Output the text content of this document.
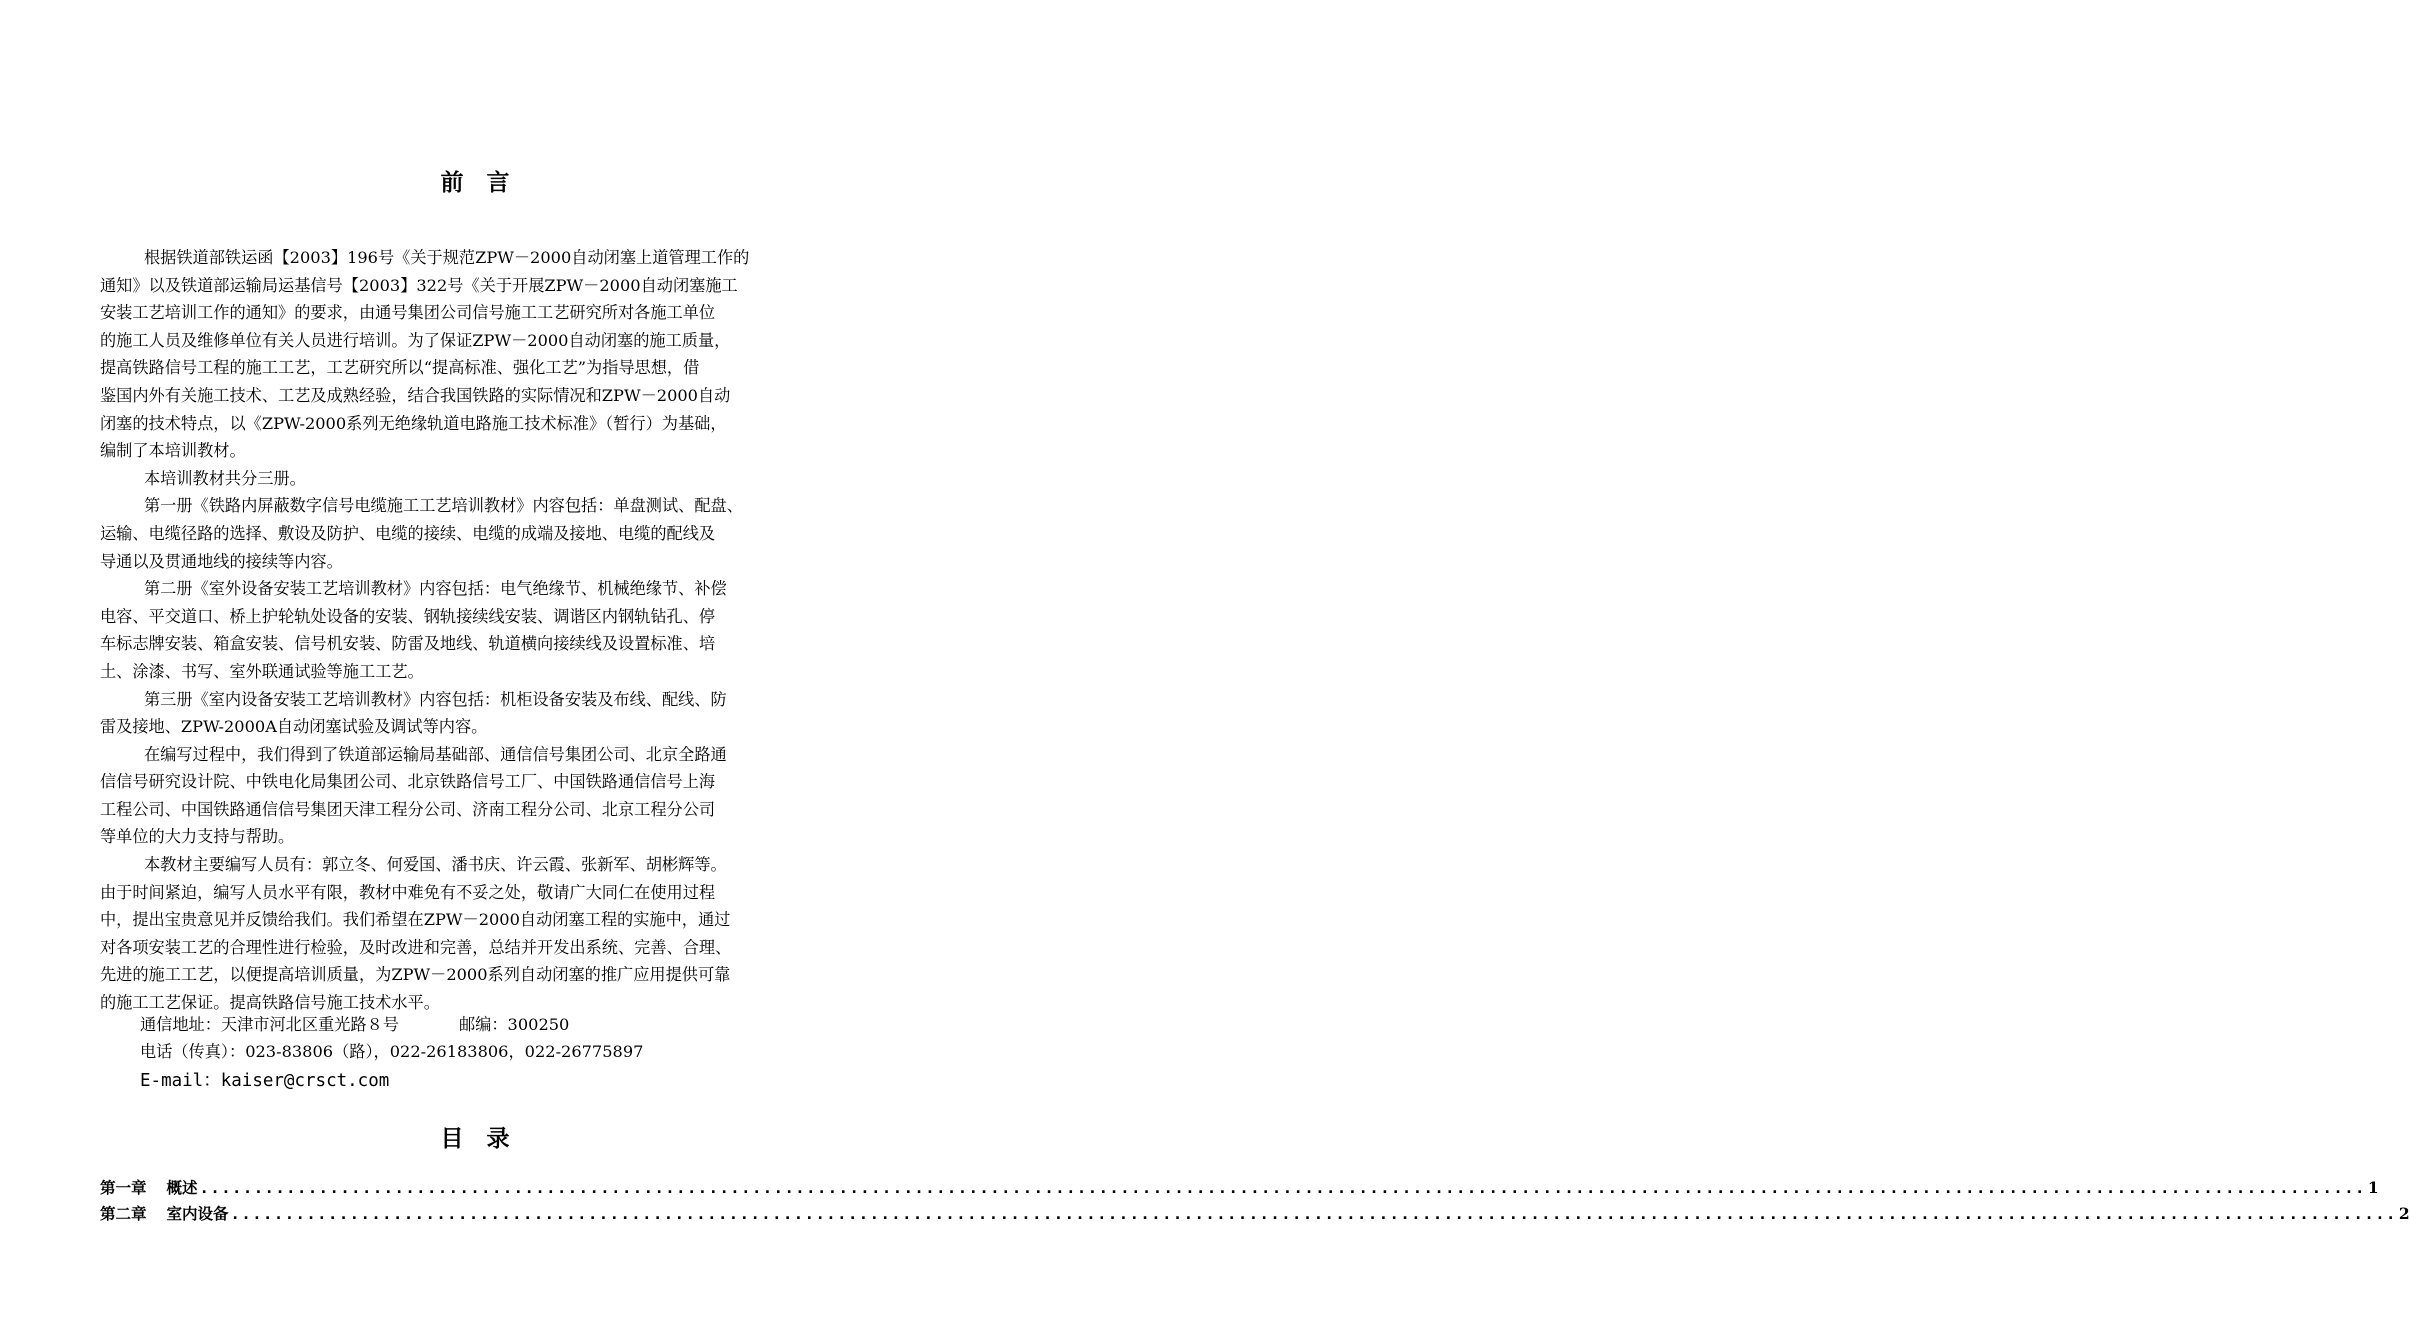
前　言
根据铁道部铁运函【2003】196号《关于规范ZPW－2000自动闭塞上道管理工作的
通知》以及铁道部运输局运基信号【2003】322号《关于开展ZPW－2000自动闭塞施工
安装工艺培训工作的通知》的要求，由通号集团公司信号施工工艺研究所对各施工单位
的施工人员及维修单位有关人员进行培训。为了保证ZPW－2000自动闭塞的施工质量，
提高铁路信号工程的施工工艺，工艺研究所以“提高标准、强化工艺”为指导思想，借
鉴国内外有关施工技术、工艺及成熟经验，结合我国铁路的实际情况和ZPW－2000自动
闭塞的技术特点，以《ZPW-2000系列无绝缘轨道电路施工技术标准》（暂行）为基础，
编制了本培训教材。
本培训教材共分三册。
第一册《铁路内屏蔽数字信号电缆施工工艺培训教材》内容包括：单盘测试、配盘、
运输、电缆径路的选择、敷设及防护、电缆的接续、电缆的成端及接地、电缆的配线及
导通以及贯通地线的接续等内容。
第二册《室外设备安装工艺培训教材》内容包括：电气绝缘节、机械绝缘节、补偿
电容、平交道口、桥上护轮轨处设备的安装、钢轨接续线安装、调谐区内钢轨钻孔、停
车标志牌安装、箱盒安装、信号机安装、防雷及地线、轨道横向接续线及设置标准、培
土、涂漆、书写、室外联通试验等施工工艺。
第三册《室内设备安装工艺培训教材》内容包括：机柜设备安装及布线、配线、防
雷及接地、ZPW-2000A自动闭塞试验及调试等内容。
在编写过程中，我们得到了铁道部运输局基础部、通信信号集团公司、北京全路通
信信号研究设计院、中铁电化局集团公司、北京铁路信号工厂、中国铁路通信信号上海
工程公司、中国铁路通信信号集团天津工程分公司、济南工程分公司、北京工程分公司
等单位的大力支持与帮助。
本教材主要编写人员有：郭立冬、何爱国、潘书庆、许云霞、张新军、胡彬辉等。
由于时间紧迫，编写人员水平有限，教材中难免有不妥之处，敬请广大同仁在使用过程
中，提出宝贵意见并反馈给我们。我们希望在ZPW－2000自动闭塞工程的实施中，通过
对各项安装工艺的合理性进行检验，及时改进和完善，总结并开发出系统、完善、合理、
先进的施工工艺，以便提高培训质量，为ZPW－2000系列自动闭塞的推广应用提供可靠
的施工工艺保证。提高铁路信号施工技术水平。
通信地址：天津市河北区重光路８号	邮编：300250
电话（传真）：023-83806（路），022-26183806，022-26775897
E-mail：kaiser@crsct.com
目　录
第一章 概述 ........................................................................................................................................................................................................ 1
第二章 室内设备 ........................................................................................................................................................................................................ 2
